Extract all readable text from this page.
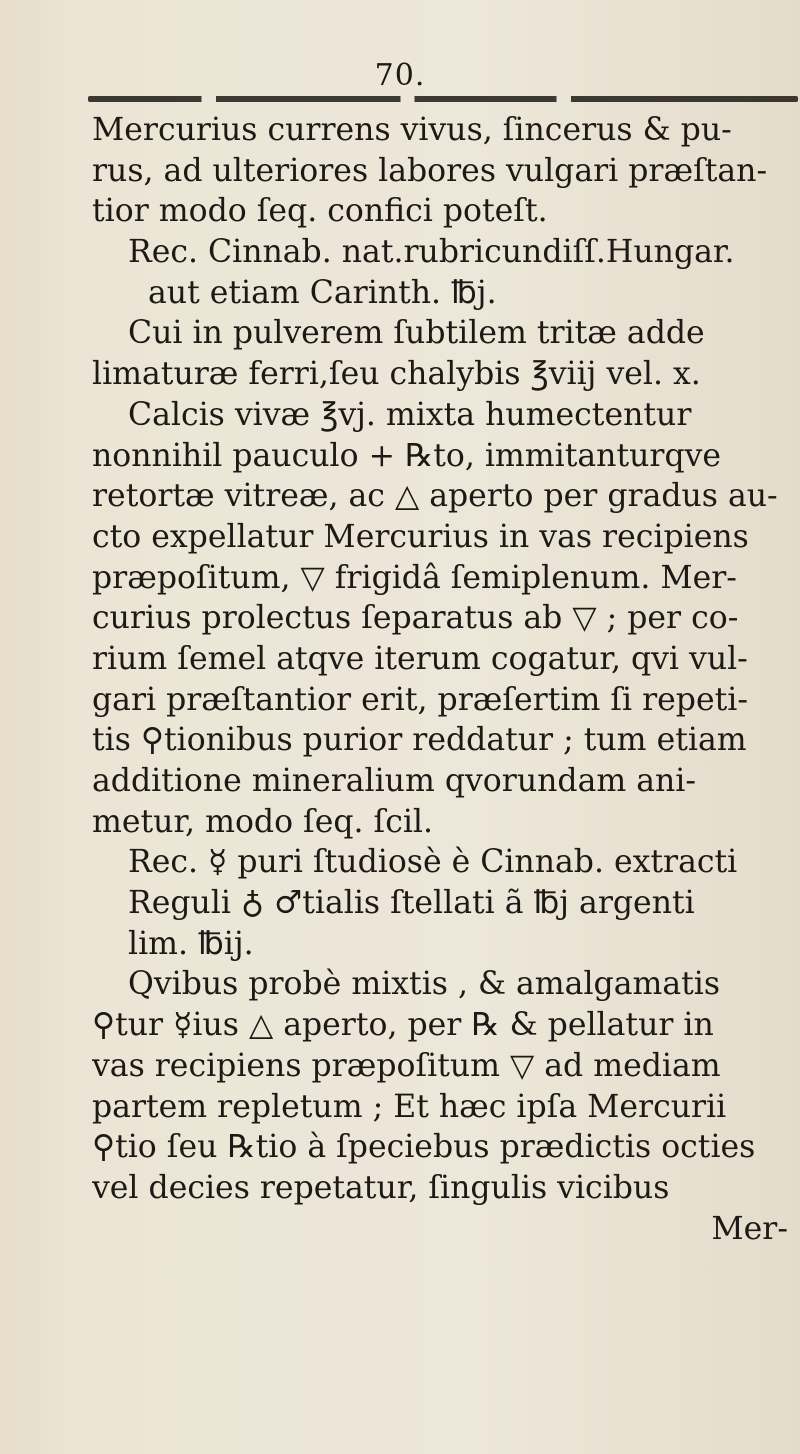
70.
Mercurius currens vivus, ſincerus & pu-
rus, ad ulteriores labores vulgari præſtan-
tior modo ſeq. confici poteſt.
Rec. Cinnab. nat.rubricundiſſ.Hungar.
aut etiam Carinth. ℔j.
Cui in pulverem ſubtilem tritæ adde
limaturæ ferri,ſeu chalybis ℥viij vel. x.
Calcis vivæ ℥vj. mixta humectentur
nonnihil pauculo + ℞to, immitanturqve
retortæ vitreæ, ac △ aperto per gradus au-
cto expellatur Mercurius in vas recipiens
præpoſitum, ▽ frigidâ ſemiplenum. Mer-
curius prolectus ſeparatus ab ▽ ; per co-
rium ſemel atqve iterum cogatur, qvi vul-
gari præſtantior erit, præſertim ſi repeti-
tis ⚲tionibus purior reddatur ; tum etiam
additione mineralium qvorundam ani-
metur, modo ſeq. ſcil.
Rec. ☿ puri ſtudiosè è Cinnab. extracti
Reguli ♁ ♂tialis ſtellati ã ℔j argenti
lim. ℔ij.
Qvibus probè mixtis , & amalgamatis
⚲tur ☿ius △ aperto, per ℞ & pellatur in
vas recipiens præpoſitum ▽ ad mediam
partem repletum ; Et hæc ipſa Mercurii
⚲tio ſeu ℞tio à ſpeciebus prædictis octies
vel decies repetatur, ſingulis vicibus
Mer-
